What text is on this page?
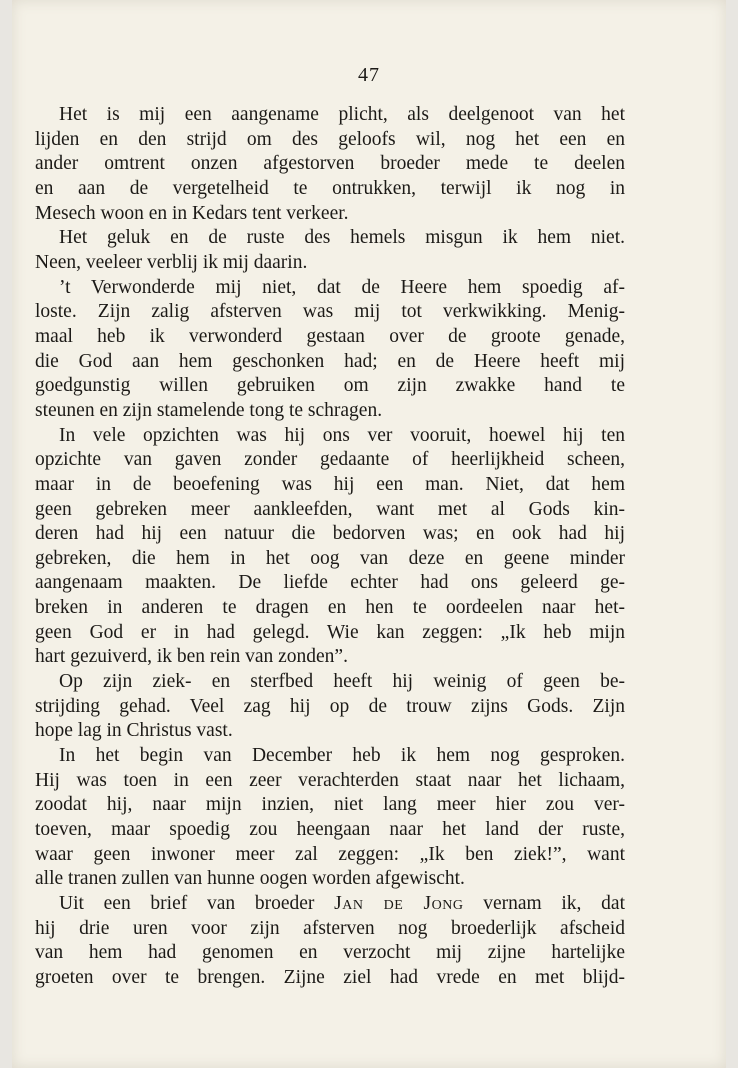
47

Het is mij een aangename plicht, als deelgenoot van het
lijden en den strijd om des geloofs wil, nog het een en
ander omtrent onzen afgestorven broeder mede te deelen
en aan de vergetelheid te ontrukken, terwijl ik nog in
Mesech woon en in Kedars tent verkeer.

Het geluk en de ruste des hemels misgun ik hem niet.
Neen, veeleer verblij ik mij daarin.

’t Verwonderde mij niet, dat de Heere hem spoedig af-
loste. Zijn zalig afsterven was mij tot verkwikking. Menig-
maal heb ik verwonderd gestaan over de groote genade,
die God aan hem geschonken had; en de Heere heeft mij
goedgunstig willen gebruiken om zijn zwakke hand te
steunen en zijn stamelende tong te schragen.

In vele opzichten was hij ons ver vooruit, hoewel hij ten
opzichte van gaven zonder gedaante of heerlijkheid scheen,
maar in de beoefening was hij een man. Niet, dat hem
geen gebreken meer aankleefden, want met al Gods kin-
deren had hij een natuur die bedorven was; en ook had hij
gebreken, die hem in het oog van deze en geene minder
aangenaam maakten. De liefde echter had ons geleerd ge-
breken in anderen te dragen en hen te oordeelen naar het-
geen God er in had gelegd. Wie kan zeggen: „Ik heb mijn
hart gezuiverd, ik ben rein van zonden”.

Op zijn ziek- en sterfbed heeft hij weinig of geen be-
strijding gehad. Veel zag hij op de trouw zijns Gods. Zijn
hope lag in Christus vast.

In het begin van December heb ik hem nog gesproken.
Hij was toen in een zeer verachterden staat naar het lichaam,
zoodat hij, naar mijn inzien, niet lang meer hier zou ver-
toeven, maar spoedig zou heengaan naar het land der ruste,
waar geen inwoner meer zal zeggen: „Ik ben ziek!”, want
alle tranen zullen van hunne oogen worden afgewischt.

Uit een brief van broeder Jan de Jong vernam ik, dat
hij drie uren voor zijn afsterven nog broederlijk afscheid
van hem had genomen en verzocht mij zijne hartelijke
groeten over te brengen. Zijne ziel had vrede en met blijd-
